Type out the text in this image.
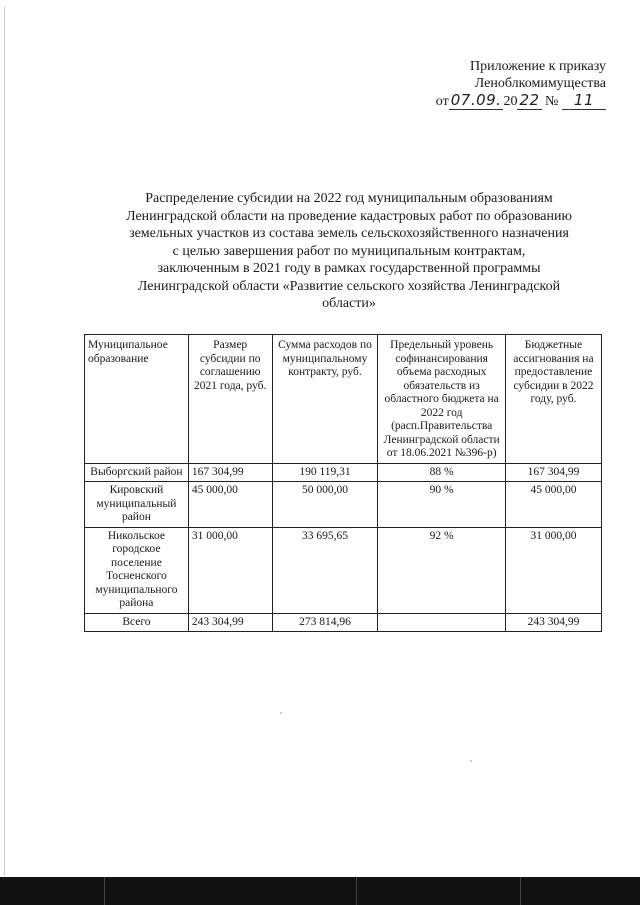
Приложение к приказу
Леноблкомимущества
от 07.09. 20 22 № 11
Распределение субсидии на 2022 год муниципальным образованиям
Ленинградской области на проведение кадастровых работ по образованию
земельных участков из состава земель сельскохозяйственного назначения
с целью завершения работ по муниципальным контрактам,
заключенным в 2021 году в рамках государственной программы
Ленинградской области «Развитие сельского хозяйства Ленинградской
области»
Муниципальное образование	Размер субсидии по соглашению 2021 года, руб.	Сумма расходов по муниципальному контракту, руб.	Предельный уровень софинансирования объема расходных обязательств из областного бюджета на 2022 год (расп.Правительства Ленинградской области от 18.06.2021 №396-р)	Бюджетные ассигнования на предоставление субсидии в 2022 году, руб.
Выборгский район	167 304,99	190 119,31	88 %	167 304,99
Кировский муниципальный район	45 000,00	50 000,00	90 %	45 000,00
Никольское городское поселение Тосненского муниципального района	31 000,00	33 695,65	92 %	31 000,00
Всего	243 304,99	273 814,96		243 304,99
